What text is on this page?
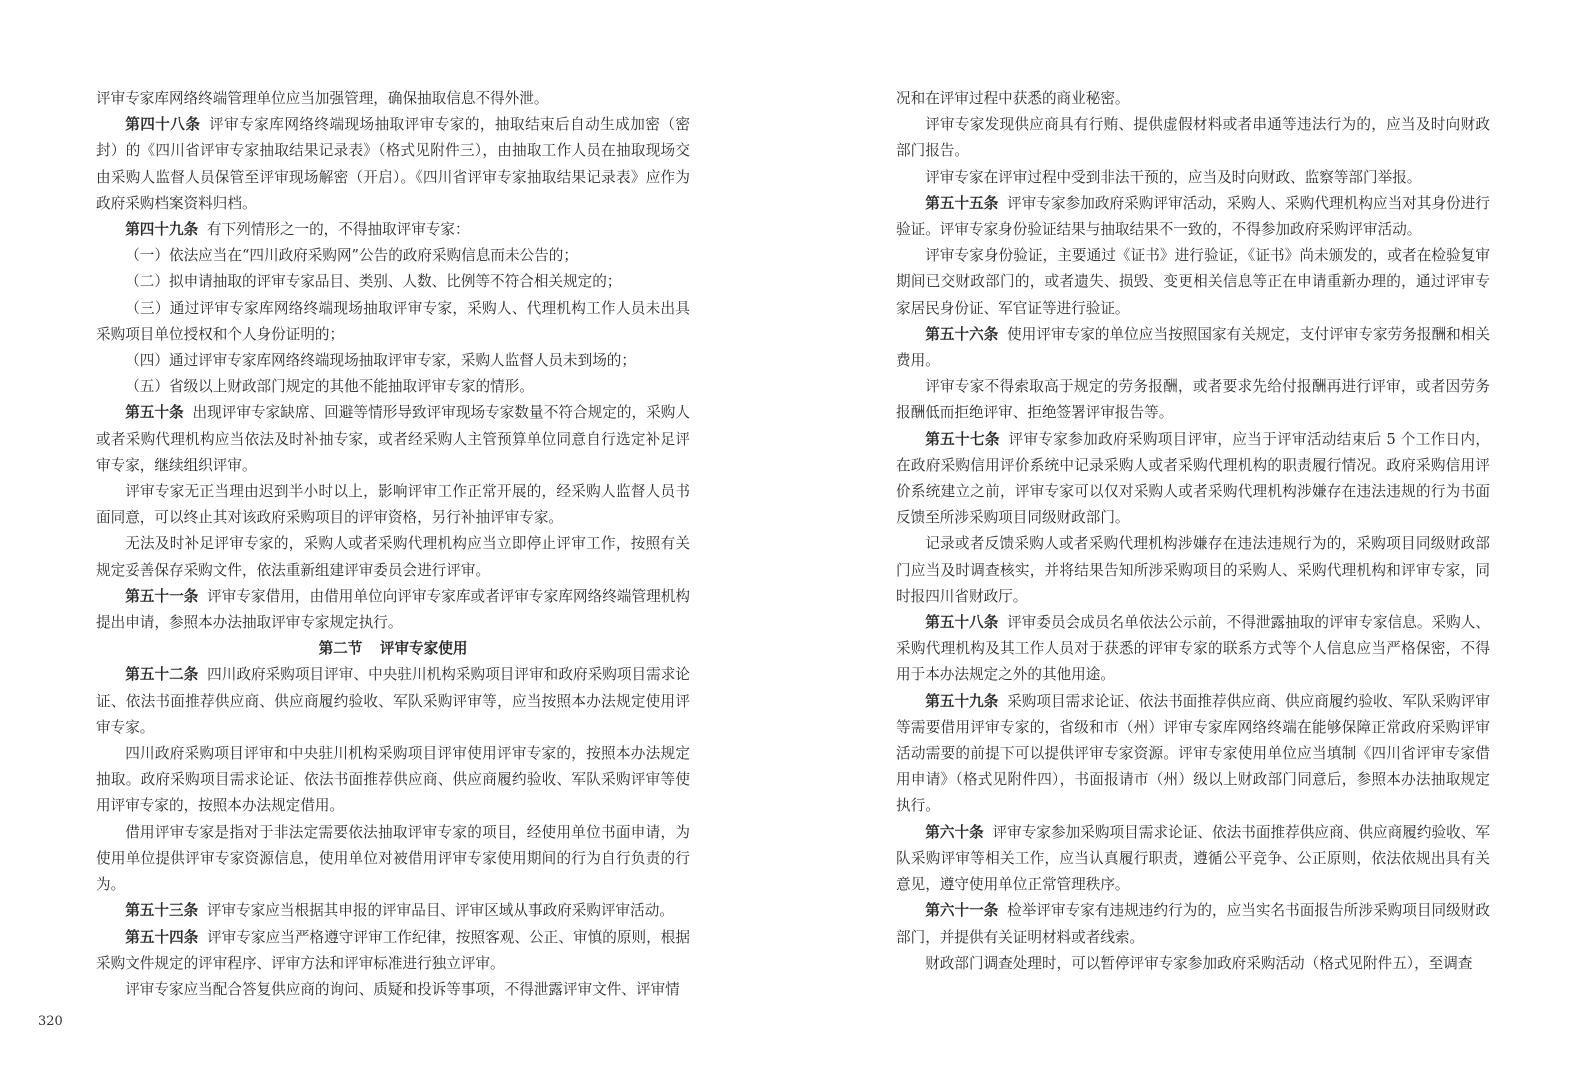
评审专家库网络终端管理单位应当加强管理，确保抽取信息不得外泄。

第四十八条 评审专家库网络终端现场抽取评审专家的，抽取结束后自动生成加密（密封）的《四川省评审专家抽取结果记录表》（格式见附件三），由抽取工作人员在抽取现场交由采购人监督人员保管至评审现场解密（开启）。《四川省评审专家抽取结果记录表》应作为政府采购档案资料归档。

第四十九条 有下列情形之一的，不得抽取评审专家：

（一）依法应当在“四川政府采购网”公告的政府采购信息而未公告的；

（二）拟申请抽取的评审专家品目、类别、人数、比例等不符合相关规定的；

（三）通过评审专家库网络终端现场抽取评审专家，采购人、代理机构工作人员未出具采购项目单位授权和个人身份证明的；

（四）通过评审专家库网络终端现场抽取评审专家，采购人监督人员未到场的；

（五）省级以上财政部门规定的其他不能抽取评审专家的情形。

第五十条 出现评审专家缺席、回避等情形导致评审现场专家数量不符合规定的，采购人或者采购代理机构应当依法及时补抽专家，或者经采购人主管预算单位同意自行选定补足评审专家，继续组织评审。

评审专家无正当理由迟到半小时以上，影响评审工作正常开展的，经采购人监督人员书面同意，可以终止其对该政府采购项目的评审资格，另行补抽评审专家。

无法及时补足评审专家的，采购人或者采购代理机构应当立即停止评审工作，按照有关规定妥善保存采购文件，依法重新组建评审委员会进行评审。

第五十一条 评审专家借用，由借用单位向评审专家库或者评审专家库网络终端管理机构提出申请，参照本办法抽取评审专家规定执行。

第二节 评审专家使用

第五十二条 四川政府采购项目评审、中央驻川机构采购项目评审和政府采购项目需求论证、依法书面推荐供应商、供应商履约验收、军队采购评审等，应当按照本办法规定使用评审专家。

四川政府采购项目评审和中央驻川机构采购项目评审使用评审专家的，按照本办法规定抽取。政府采购项目需求论证、依法书面推荐供应商、供应商履约验收、军队采购评审等使用评审专家的，按照本办法规定借用。

借用评审专家是指对于非法定需要依法抽取评审专家的项目，经使用单位书面申请，为使用单位提供评审专家资源信息，使用单位对被借用评审专家使用期间的行为自行负责的行为。

第五十三条 评审专家应当根据其申报的评审品目、评审区域从事政府采购评审活动。

第五十四条 评审专家应当严格遵守评审工作纪律，按照客观、公正、审慎的原则，根据采购文件规定的评审程序、评审方法和评审标准进行独立评审。

评审专家应当配合答复供应商的询问、质疑和投诉等事项，不得泄露评审文件、评审情

况和在评审过程中获悉的商业秘密。

评审专家发现供应商具有行贿、提供虚假材料或者串通等违法行为的，应当及时向财政部门报告。

评审专家在评审过程中受到非法干预的，应当及时向财政、监察等部门举报。

第五十五条 评审专家参加政府采购评审活动，采购人、采购代理机构应当对其身份进行验证。评审专家身份验证结果与抽取结果不一致的，不得参加政府采购评审活动。

评审专家身份验证，主要通过《证书》进行验证，《证书》尚未颁发的，或者在检验复审期间已交财政部门的，或者遗失、损毁、变更相关信息等正在申请重新办理的，通过评审专家居民身份证、军官证等进行验证。

第五十六条 使用评审专家的单位应当按照国家有关规定，支付评审专家劳务报酬和相关费用。

评审专家不得索取高于规定的劳务报酬，或者要求先给付报酬再进行评审，或者因劳务报酬低而拒绝评审、拒绝签署评审报告等。

第五十七条 评审专家参加政府采购项目评审，应当于评审活动结束后 5 个工作日内，在政府采购信用评价系统中记录采购人或者采购代理机构的职责履行情况。政府采购信用评价系统建立之前，评审专家可以仅对采购人或者采购代理机构涉嫌存在违法违规的行为书面反馈至所涉采购项目同级财政部门。

记录或者反馈采购人或者采购代理机构涉嫌存在违法违规行为的，采购项目同级财政部门应当及时调查核实，并将结果告知所涉采购项目的采购人、采购代理机构和评审专家，同时报四川省财政厅。

第五十八条 评审委员会成员名单依法公示前，不得泄露抽取的评审专家信息。采购人、采购代理机构及其工作人员对于获悉的评审专家的联系方式等个人信息应当严格保密，不得用于本办法规定之外的其他用途。

第五十九条 采购项目需求论证、依法书面推荐供应商、供应商履约验收、军队采购评审等需要借用评审专家的，省级和市（州）评审专家库网络终端在能够保障正常政府采购评审活动需要的前提下可以提供评审专家资源。评审专家使用单位应当填制《四川省评审专家借用申请》（格式见附件四），书面报请市（州）级以上财政部门同意后，参照本办法抽取规定执行。

第六十条 评审专家参加采购项目需求论证、依法书面推荐供应商、供应商履约验收、军队采购评审等相关工作，应当认真履行职责，遵循公平竞争、公正原则，依法依规出具有关意见，遵守使用单位正常管理秩序。

第六十一条 检举评审专家有违规违约行为的，应当实名书面报告所涉采购项目同级财政部门，并提供有关证明材料或者线索。

财政部门调查处理时，可以暂停评审专家参加政府采购活动（格式见附件五），至调查

320
